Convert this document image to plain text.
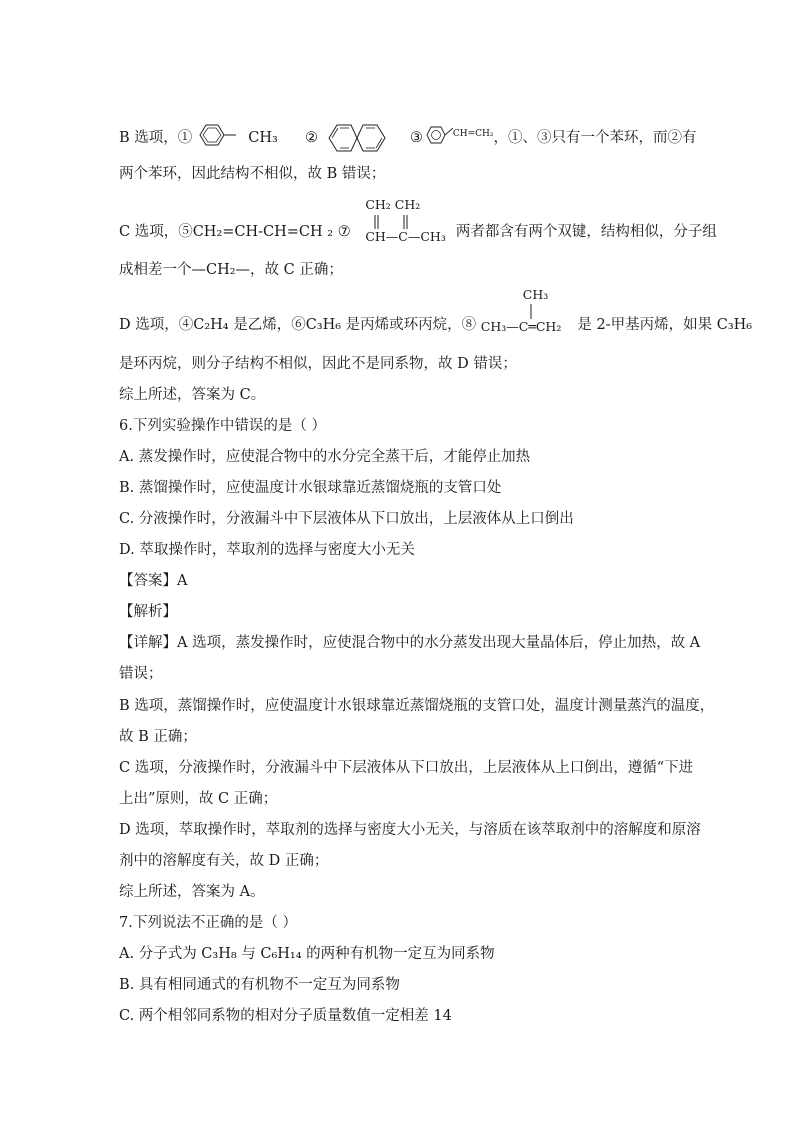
B 选项，①	CH₃ ②	③	$^{CH=CH_2}$，①、③只有一个苯环，而②有
两个苯环，因此结构不相似，故 B 错误；
C 选项，⑤CH₂=CH-CH=CH ₂ ⑦
CH₂ CH₂
CH—C—CH₃ 两者都含有两个双键，结构相似，分子组
成相差一个—CH₂—，故 C 正确；
D 选项，④C₂H₄ 是乙烯，⑥C₃H₆ 是丙烯或环丙烷，⑧
CH₃
CH₃—C═CH₂ 是 2-甲基丙烯，如果 C₃H₆
是环丙烷，则分子结构不相似，因此不是同系物，故 D 错误；
综上所述，答案为 C。
6.下列实验操作中错误的是（ ）
A. 蒸发操作时，应使混合物中的水分完全蒸干后，才能停止加热
B. 蒸馏操作时，应使温度计水银球靠近蒸馏烧瓶的支管口处
C. 分液操作时，分液漏斗中下层液体从下口放出，上层液体从上口倒出
D. 萃取操作时，萃取剂的选择与密度大小无关
【答案】A
【解析】
【详解】A 选项，蒸发操作时，应使混合物中的水分蒸发出现大量晶体后，停止加热，故 A
错误；
B 选项，蒸馏操作时，应使温度计水银球靠近蒸馏烧瓶的支管口处，温度计测量蒸汽的温度，
故 B 正确；
C 选项，分液操作时，分液漏斗中下层液体从下口放出，上层液体从上口倒出，遵循“下进
上出”原则，故 C 正确；
D 选项，萃取操作时，萃取剂的选择与密度大小无关，与溶质在该萃取剂中的溶解度和原溶
剂中的溶解度有关，故 D 正确；
综上所述，答案为 A。
7.下列说法不正确的是（ ）
A. 分子式为 C₃H₈ 与 C₆H₁₄ 的两种有机物一定互为同系物
B. 具有相同通式的有机物不一定互为同系物
C. 两个相邻同系物的相对分子质量数值一定相差 14
